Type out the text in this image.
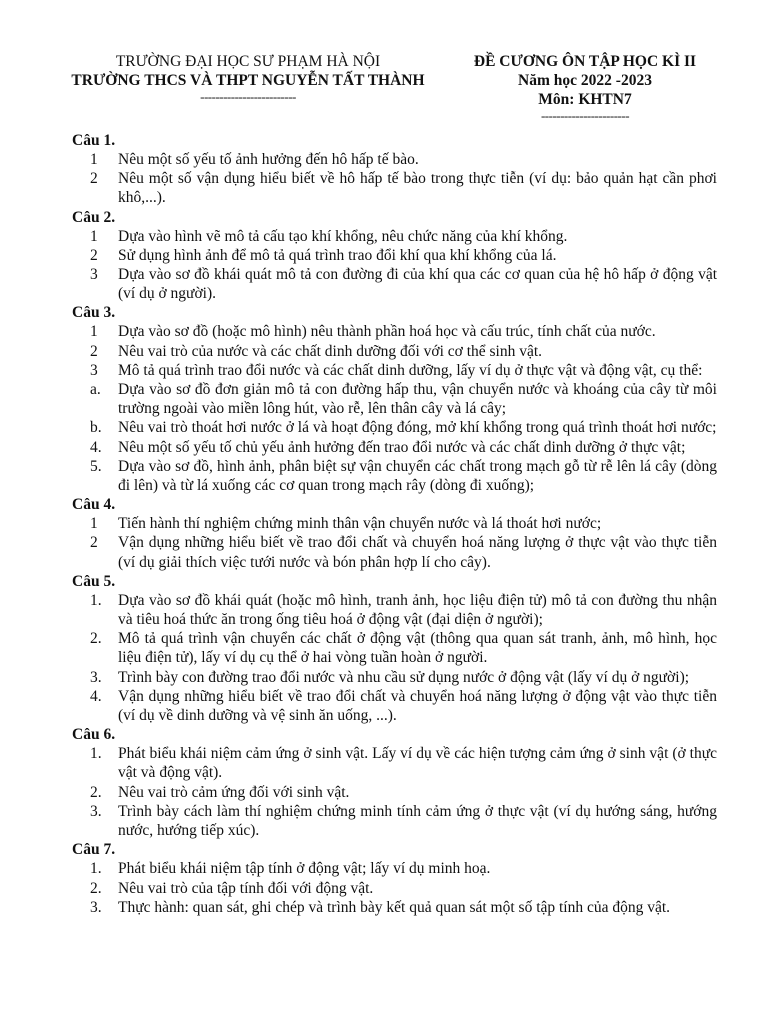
TRƯỜNG ĐẠI HỌC SƯ PHẠM HÀ NỘI
TRƯỜNG THCS VÀ THPT NGUYỄN TẤT THÀNH
-------------------------
ĐỀ CƯƠNG ÔN TẬP HỌC KÌ II
Năm học 2022 -2023
Môn: KHTN7
-----------------------
Câu 1.
1	Nêu một số yếu tố ảnh hưởng đến hô hấp tế bào.
2	Nêu một số vận dụng hiểu biết về hô hấp tế bào trong thực tiễn (ví dụ: bảo quản hạt cần phơi khô,...).
Câu 2.
1	Dựa vào hình vẽ mô tả cấu tạo khí khổng, nêu chức năng của khí khổng.
2	Sử dụng hình ảnh để mô tả quá trình trao đổi khí qua khí khổng của lá.
3	Dựa vào sơ đồ khái quát mô tả con đường đi của khí qua các cơ quan của hệ hô hấp ở động vật (ví dụ ở người).
Câu 3.
1	Dựa vào sơ đồ (hoặc mô hình) nêu thành phần hoá học và cấu trúc, tính chất của nước.
2	Nêu vai trò của nước và các chất dinh dưỡng đối với cơ thể sinh vật.
3	Mô tả quá trình trao đổi nước và các chất dinh dưỡng, lấy ví dụ ở thực vật và động vật, cụ thể:
a.	Dựa vào sơ đồ đơn giản mô tả con đường hấp thu, vận chuyển nước và khoáng của cây từ môi trường ngoài vào miền lông hút, vào rễ, lên thân cây và lá cây;
b.	Nêu vai trò thoát hơi nước ở lá và hoạt động đóng, mở khí khổng trong quá trình thoát hơi nước;
4.	Nêu một số yếu tố chủ yếu ảnh hưởng đến trao đổi nước và các chất dinh dưỡng ở thực vật;
5.	Dựa vào sơ đồ, hình ảnh, phân biệt sự vận chuyển các chất trong mạch gỗ từ rễ lên lá cây (dòng đi lên) và từ lá xuống các cơ quan trong mạch rây (dòng đi xuống);
Câu 4.
1	Tiến hành thí nghiệm chứng minh thân vận chuyển nước và lá thoát hơi nước;
2	Vận dụng những hiểu biết về trao đổi chất và chuyển hoá năng lượng ở thực vật vào thực tiễn (ví dụ giải thích việc tưới nước và bón phân hợp lí cho cây).
Câu 5.
1.	Dựa vào sơ đồ khái quát (hoặc mô hình, tranh ảnh, học liệu điện tử) mô tả con đường thu nhận và tiêu hoá thức ăn trong ống tiêu hoá ở động vật (đại diện ở người);
2.	Mô tả quá trình vận chuyển các chất ở động vật (thông qua quan sát tranh, ảnh, mô hình, học liệu điện tử), lấy ví dụ cụ thể ở hai vòng tuần hoàn ở người.
3.	Trình bày con đường trao đổi nước và nhu cầu sử dụng nước ở động vật (lấy ví dụ ở người);
4.	Vận dụng những hiểu biết về trao đổi chất và chuyển hoá năng lượng ở động vật vào thực tiễn (ví dụ về dinh dưỡng và vệ sinh ăn uống, ...).
Câu 6.
1.	Phát biểu khái niệm cảm ứng ở sinh vật. Lấy ví dụ về các hiện tượng cảm ứng ở sinh vật (ở thực vật và động vật).
2.	Nêu vai trò cảm ứng đối với sinh vật.
3.	Trình bày cách làm thí nghiệm chứng minh tính cảm ứng ở thực vật (ví dụ hướng sáng, hướng nước, hướng tiếp xúc).
Câu 7.
1.	Phát biểu khái niệm tập tính ở động vật; lấy ví dụ minh hoạ.
2.	Nêu vai trò của tập tính đối với động vật.
3.	Thực hành: quan sát, ghi chép và trình bày kết quả quan sát một số tập tính của động vật.
